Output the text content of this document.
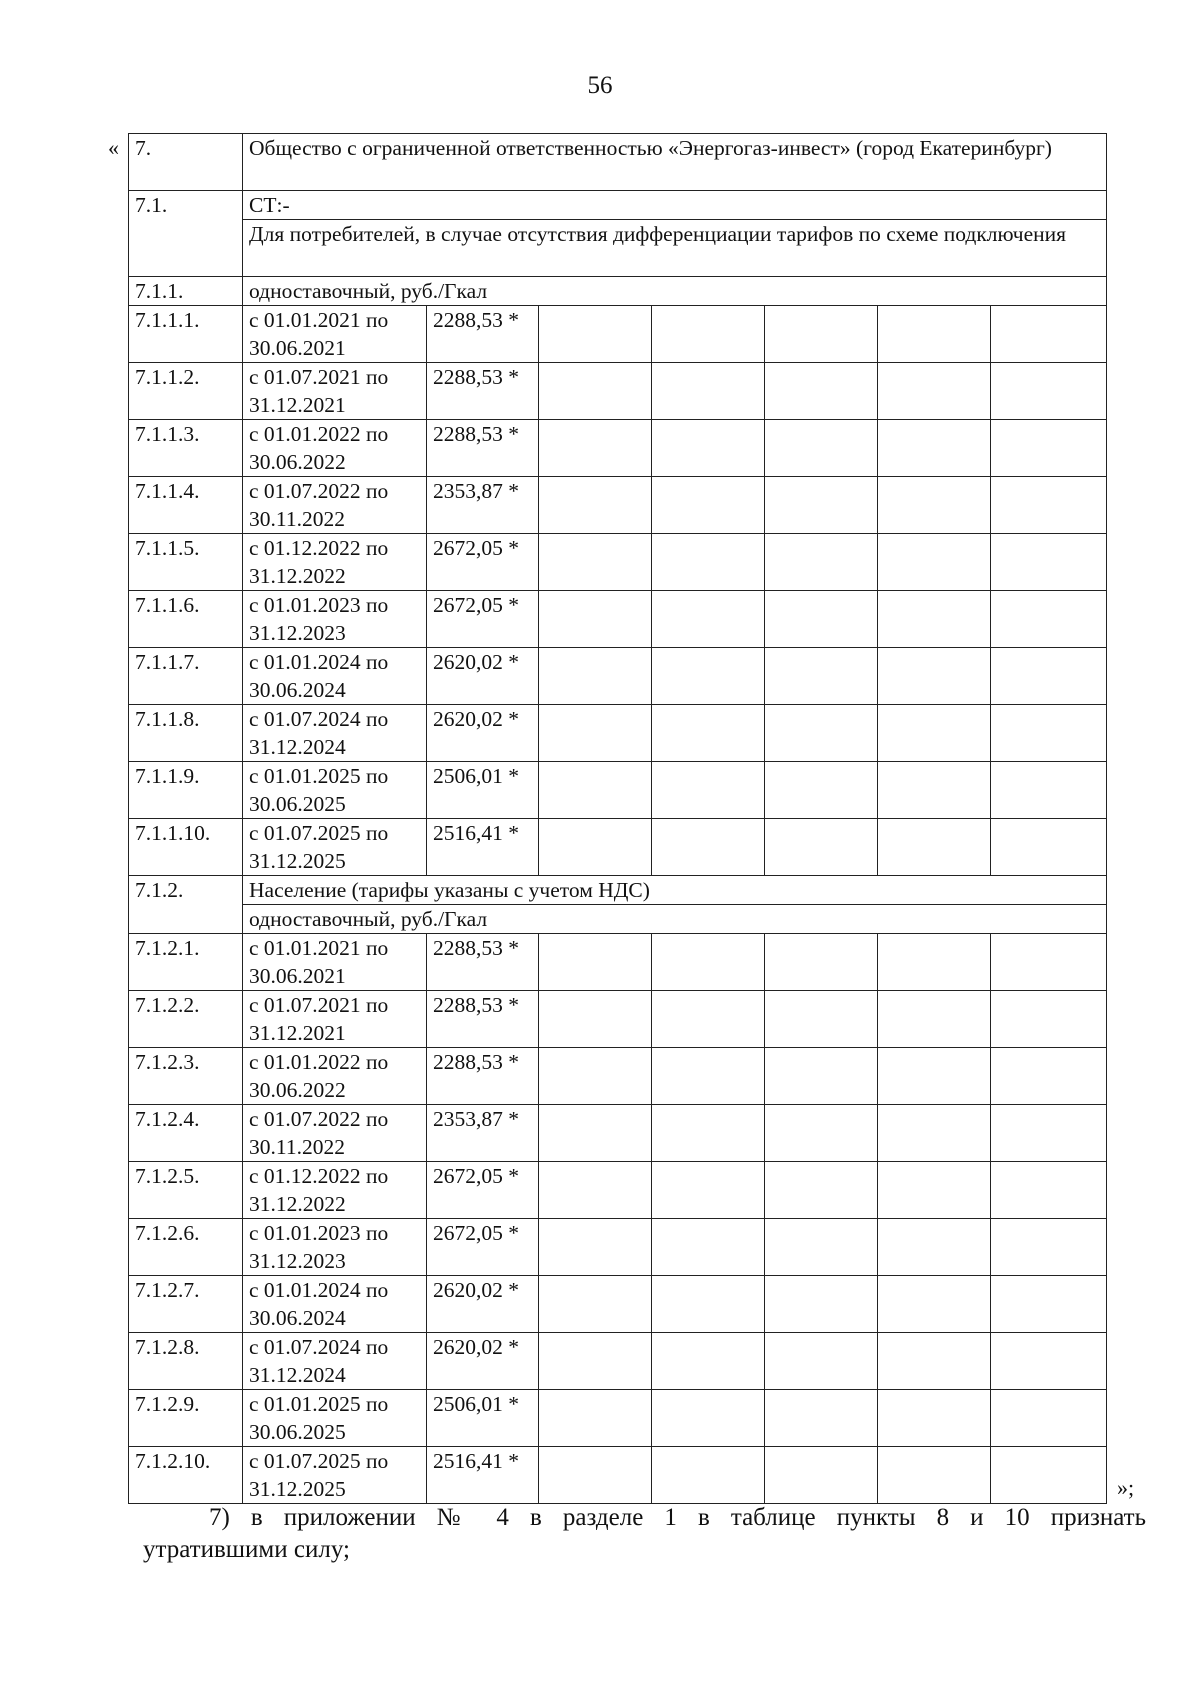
56
« 7.	Общество с ограниченной ответственностью «Энергогаз-инвест» (город Екатеринбург)						
7.1.	СТ:-						
	Для потребителей, в случае отсутствия дифференциации тарифов по схеме подключения						
7.1.1.	одноставочный, руб./Гкал						
7.1.1.1.	с 01.01.2021 по 30.06.2021	2288,53 *					
7.1.1.2.	с 01.07.2021 по 31.12.2021	2288,53 *					
7.1.1.3.	с 01.01.2022 по 30.06.2022	2288,53 *					
7.1.1.4.	с 01.07.2022 по 30.11.2022	2353,87 *					
7.1.1.5.	с 01.12.2022 по 31.12.2022	2672,05 *					
7.1.1.6.	с 01.01.2023 по 31.12.2023	2672,05 *					
7.1.1.7.	с 01.01.2024 по 30.06.2024	2620,02 *					
7.1.1.8.	с 01.07.2024 по 31.12.2024	2620,02 *					
7.1.1.9.	с 01.01.2025 по 30.06.2025	2506,01 *					
7.1.1.10.	с 01.07.2025 по 31.12.2025	2516,41 *					
7.1.2.	Население (тарифы указаны с учетом НДС)						
	одноставочный, руб./Гкал						
7.1.2.1.	с 01.01.2021 по 30.06.2021	2288,53 *					
7.1.2.2.	с 01.07.2021 по 31.12.2021	2288,53 *					
7.1.2.3.	с 01.01.2022 по 30.06.2022	2288,53 *					
7.1.2.4.	с 01.07.2022 по 30.11.2022	2353,87 *					
7.1.2.5.	с 01.12.2022 по 31.12.2022	2672,05 *					
7.1.2.6.	с 01.01.2023 по 31.12.2023	2672,05 *					
7.1.2.7.	с 01.01.2024 по 30.06.2024	2620,02 *					
7.1.2.8.	с 01.07.2024 по 31.12.2024	2620,02 *					
7.1.2.9.	с 01.01.2025 по 30.06.2025	2506,01 *					
7.1.2.10.	с 01.07.2025 по 31.12.2025	2516,41 *					
»;
7) в приложении № 4 в разделе 1 в таблице пункты 8 и 10 признать
утратившими силу;
